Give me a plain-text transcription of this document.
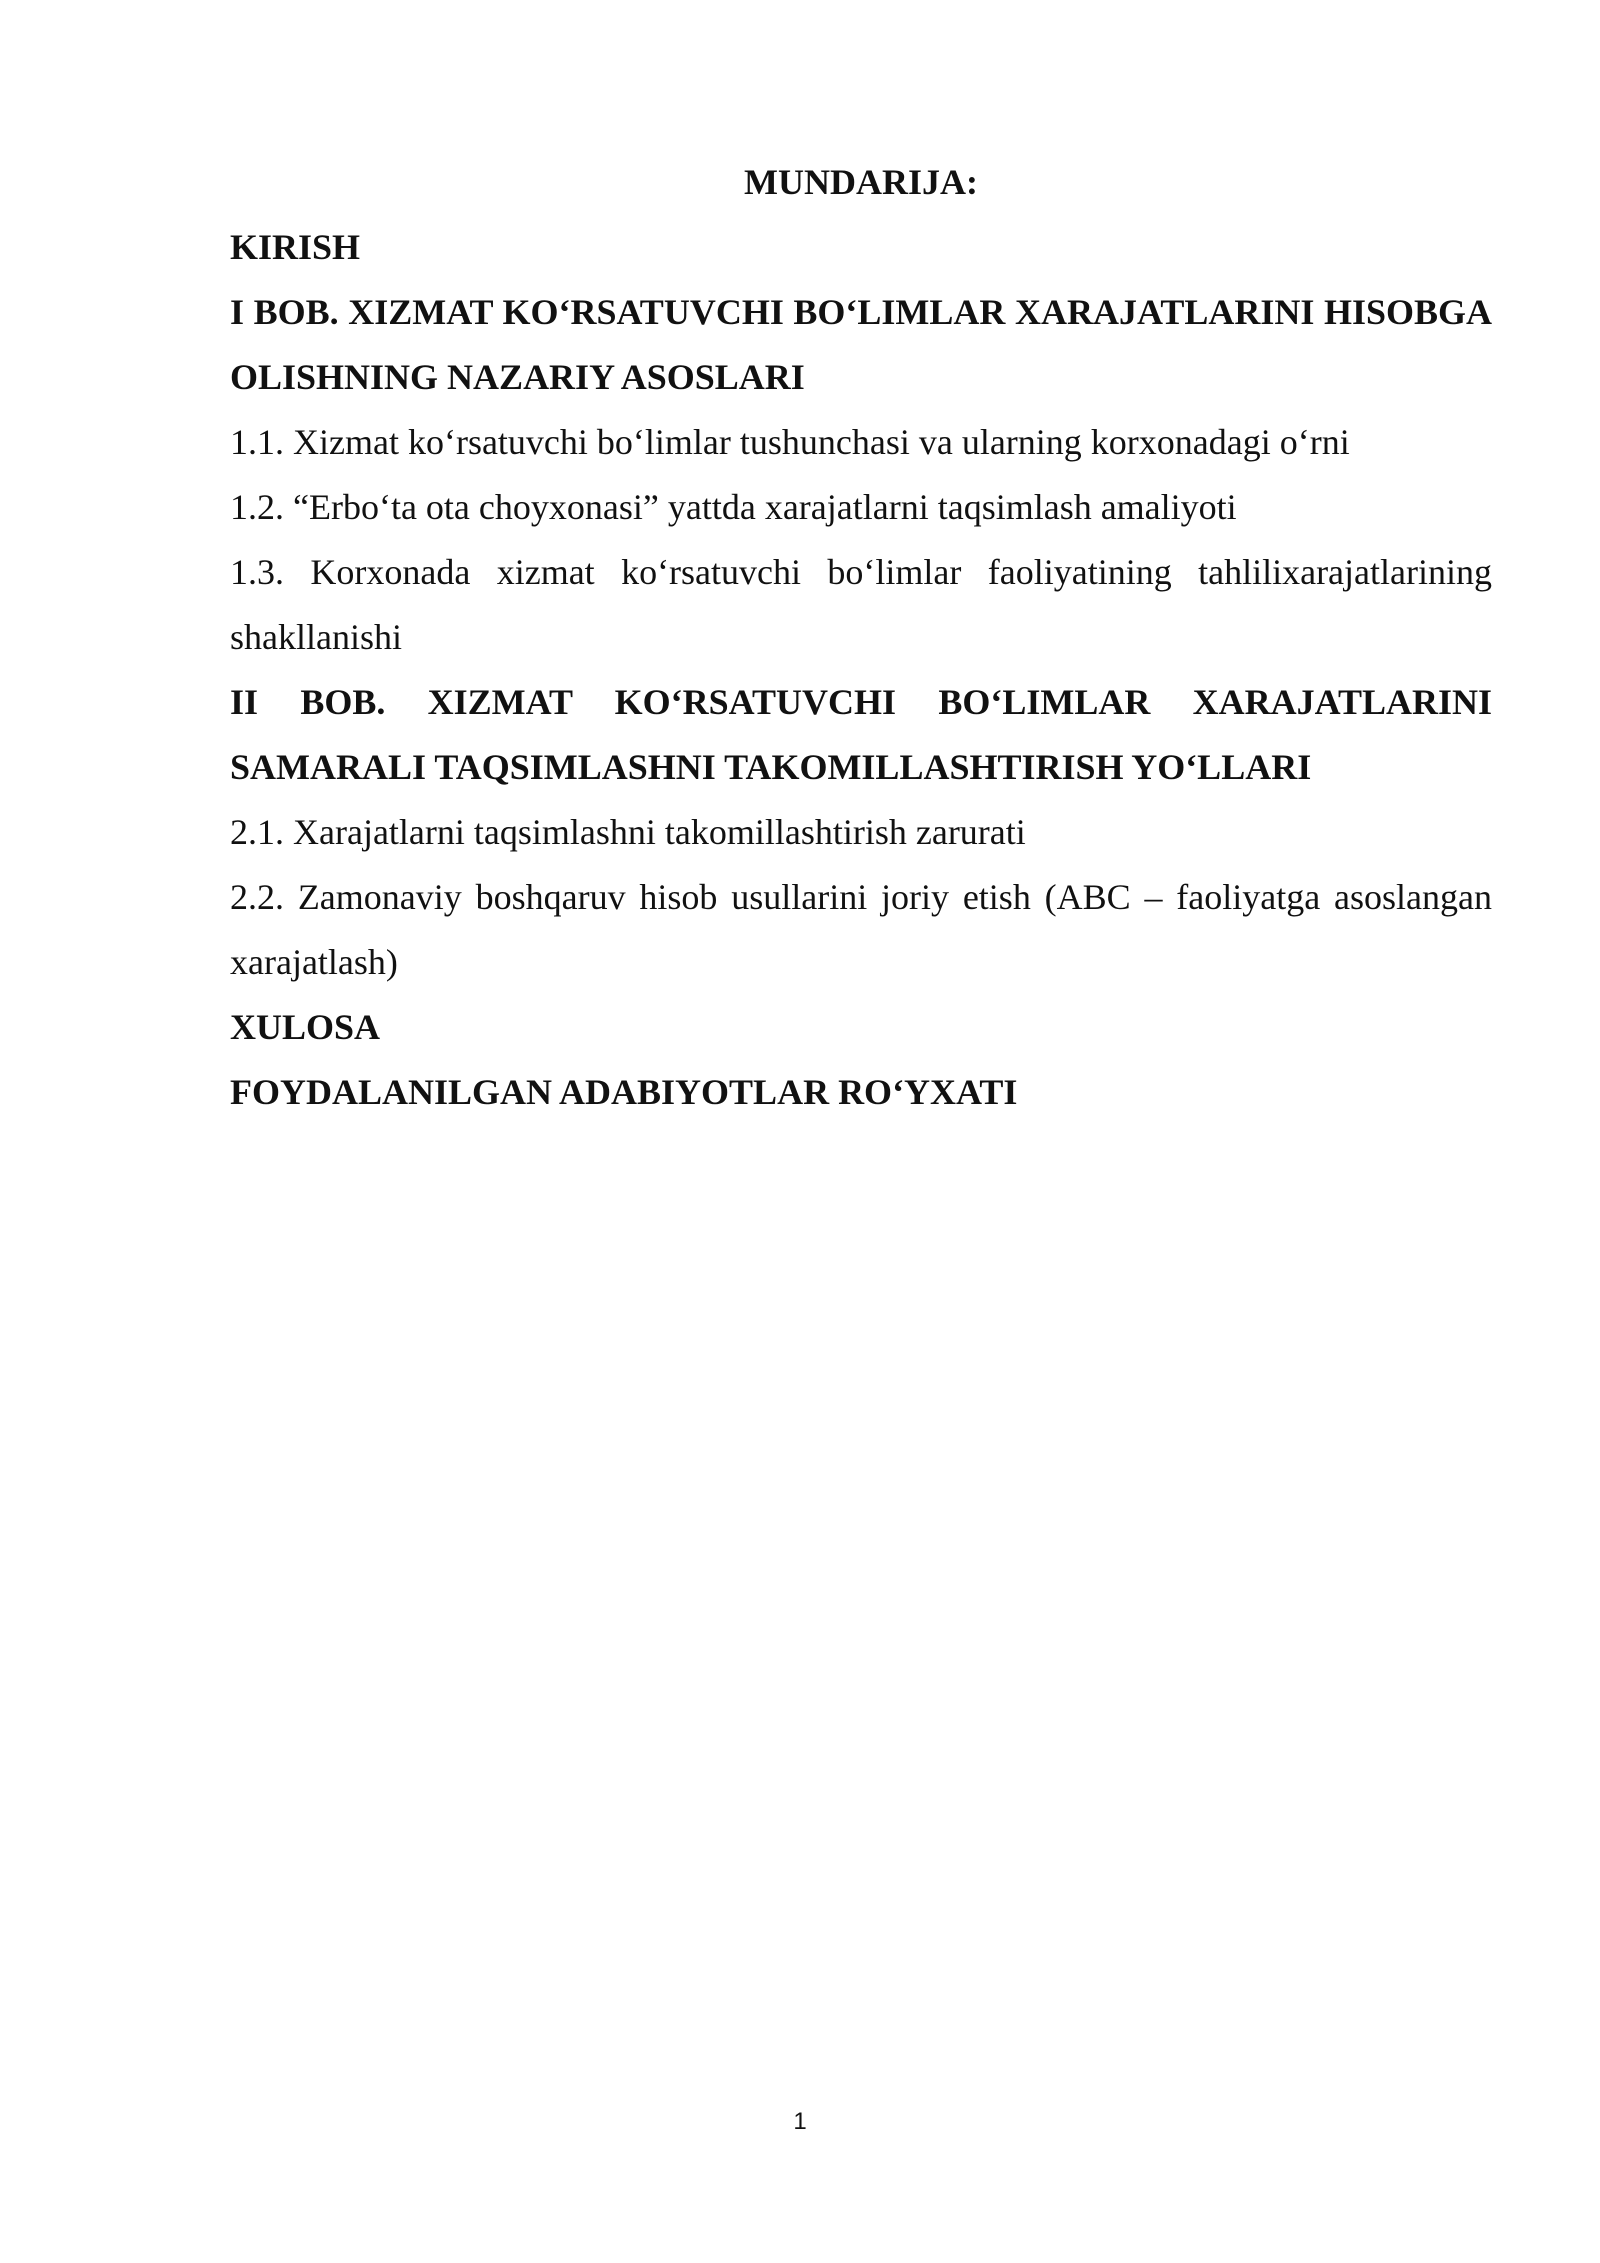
MUNDARIJA:

KIRISH

I BOB. XIZMAT KO‘RSATUVCHI BO‘LIMLAR XARAJATLARINI HISOBGA OLISHNING NAZARIY ASOSLARI

1.1. Xizmat ko‘rsatuvchi bo‘limlar tushunchasi va ularning korxonadagi o‘rni

1.2. “Erbo‘ta ota choyxonasi” yattda xarajatlarni taqsimlash amaliyoti

1.3. Korxonada xizmat ko‘rsatuvchi bo‘limlar faoliyatining tahlilixarajatlarining shakllanishi

II BOB. XIZMAT KO‘RSATUVCHI BO‘LIMLAR XARAJATLARINI SAMARALI TAQSIMLASHNI TAKOMILLASHTIRISH YO‘LLARI

2.1. Xarajatlarni taqsimlashni takomillashtirish zarurati

2.2. Zamonaviy boshqaruv hisob usullarini joriy etish (ABC – faoliyatga asoslangan xarajatlash)

XULOSA

FOYDALANILGAN ADABIYOTLAR RO‘YXATI

1
